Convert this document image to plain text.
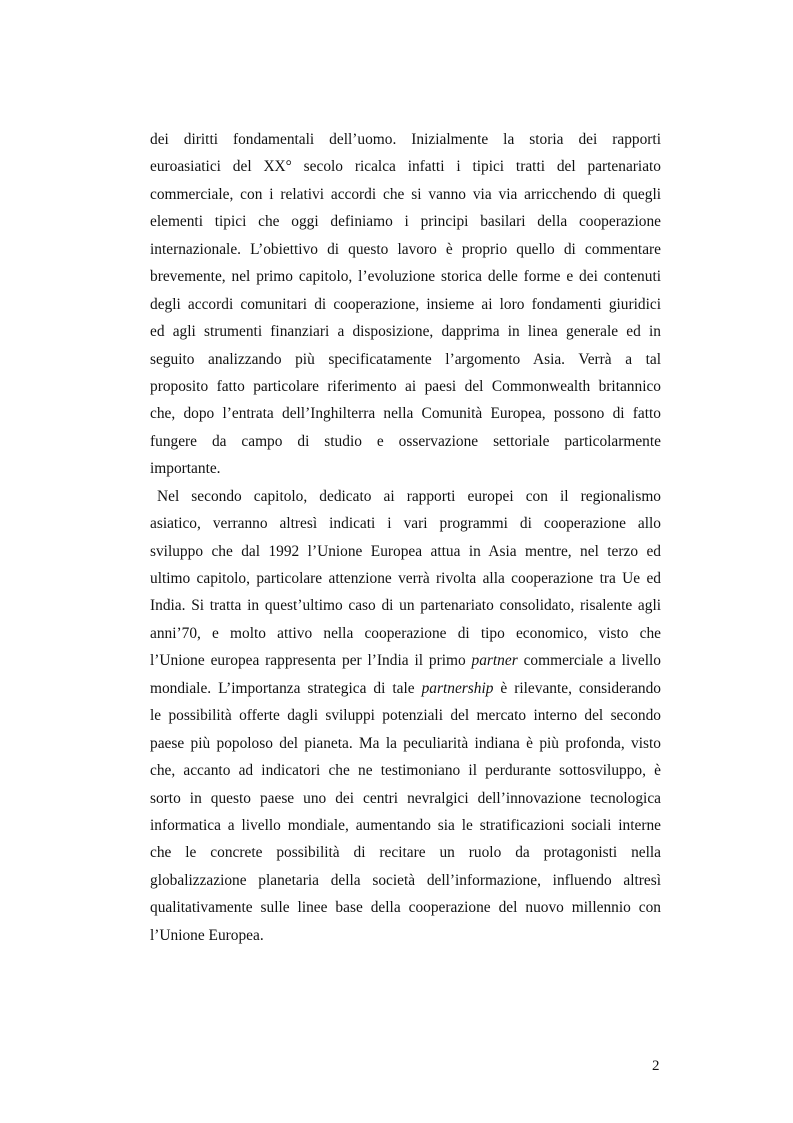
dei diritti fondamentali dell’uomo. Inizialmente la storia dei rapporti
euroasiatici del XX° secolo ricalca infatti i tipici tratti del partenariato
commerciale, con i relativi accordi che si vanno via via arricchendo di quegli
elementi tipici che oggi definiamo i principi basilari della cooperazione
internazionale. L’obiettivo di questo lavoro è proprio quello di commentare
brevemente, nel primo capitolo, l’evoluzione storica delle forme e dei contenuti
degli accordi comunitari di cooperazione, insieme ai loro fondamenti giuridici
ed agli strumenti finanziari a disposizione, dapprima in linea generale ed in
seguito analizzando più specificatamente l’argomento Asia. Verrà a tal
proposito fatto particolare riferimento ai paesi del Commonwealth britannico
che, dopo l’entrata dell’Inghilterra nella Comunità Europea, possono di fatto
fungere da campo di studio e osservazione settoriale particolarmente
importante.
Nel secondo capitolo, dedicato ai rapporti europei con il regionalismo
asiatico, verranno altresì indicati i vari programmi di cooperazione allo
sviluppo che dal 1992 l’Unione Europea attua in Asia mentre, nel terzo ed
ultimo capitolo, particolare attenzione verrà rivolta alla cooperazione tra Ue ed
India. Si tratta in quest’ultimo caso di un partenariato consolidato, risalente agli
anni’70, e molto attivo nella cooperazione di tipo economico, visto che
l’Unione europea rappresenta per l’India il primo partner commerciale a livello
mondiale. L’importanza strategica di tale partnership è rilevante, considerando
le possibilità offerte dagli sviluppi potenziali del mercato interno del secondo
paese più popoloso del pianeta. Ma la peculiarità indiana è più profonda, visto
che, accanto ad indicatori che ne testimoniano il perdurante sottosviluppo, è
sorto in questo paese uno dei centri nevralgici dell’innovazione tecnologica
informatica a livello mondiale, aumentando sia le stratificazioni sociali interne
che le concrete possibilità di recitare un ruolo da protagonisti nella
globalizzazione planetaria della società dell’informazione, influendo altresì
qualitativamente sulle linee base della cooperazione del nuovo millennio con
l’Unione Europea.
2
